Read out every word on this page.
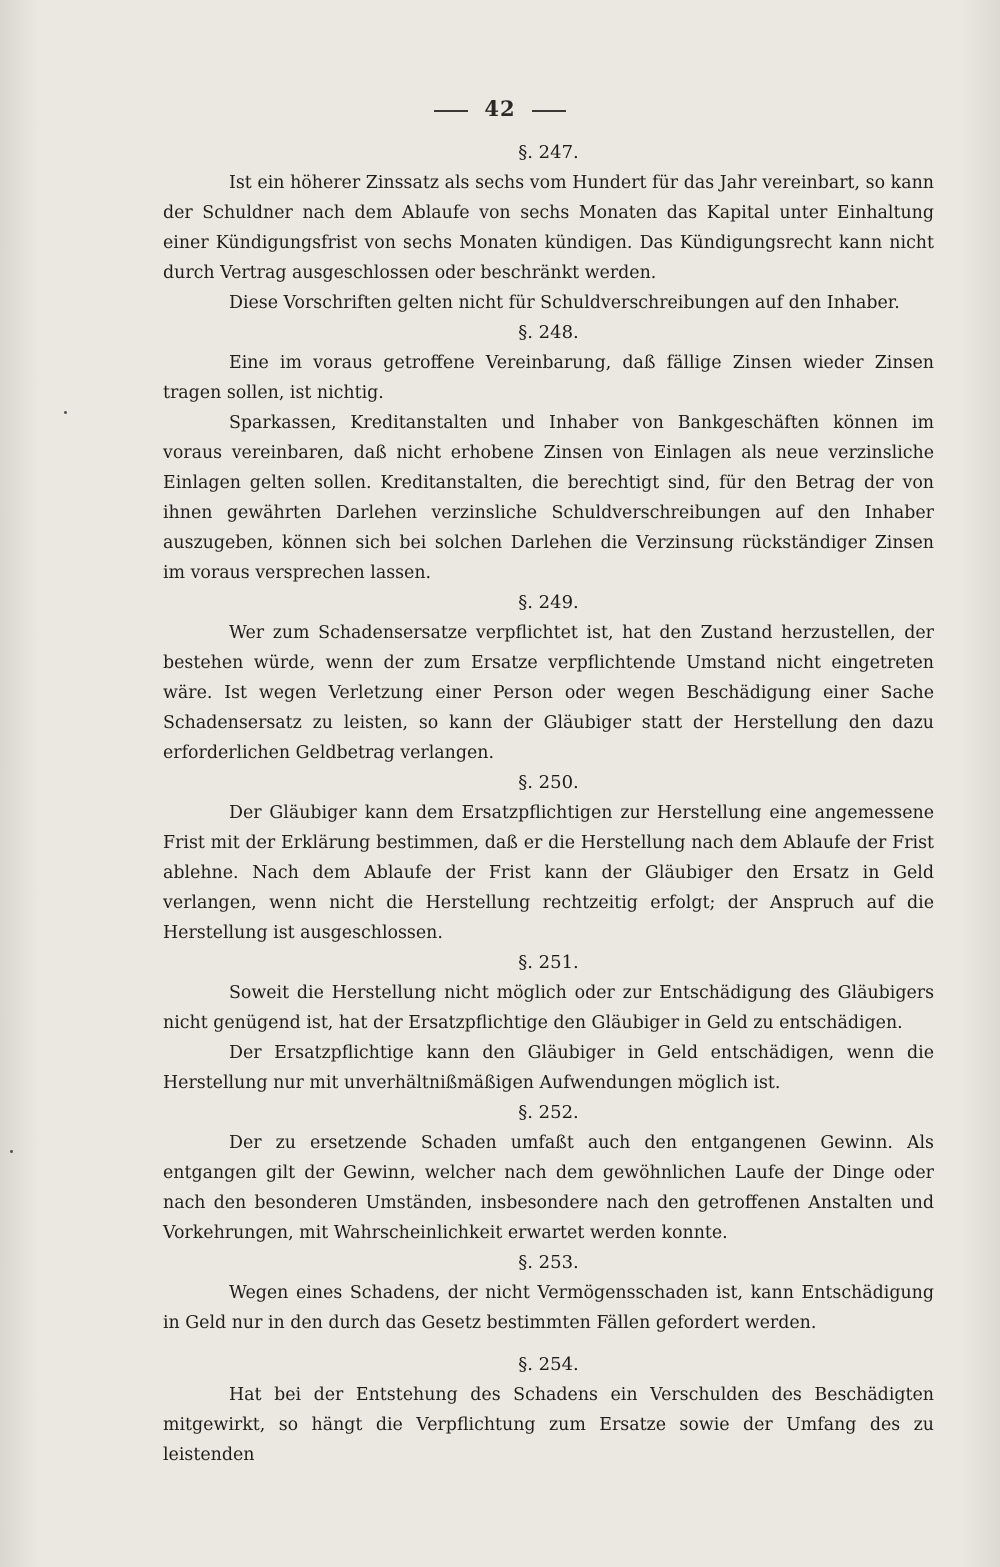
42
§. 247.

Ist ein höherer Zinssatz als sechs vom Hundert für das Jahr vereinbart, so kann der Schuldner nach dem Ablaufe von sechs Monaten das Kapital unter Einhaltung einer Kündigungsfrist von sechs Monaten kündigen. Das Kündigungsrecht kann nicht durch Vertrag ausgeschlossen oder beschränkt werden.

Diese Vorschriften gelten nicht für Schuldverschreibungen auf den Inhaber.

§. 248.

Eine im voraus getroffene Vereinbarung, daß fällige Zinsen wieder Zinsen tragen sollen, ist nichtig.

Sparkassen, Kreditanstalten und Inhaber von Bankgeschäften können im voraus vereinbaren, daß nicht erhobene Zinsen von Einlagen als neue verzinsliche Einlagen gelten sollen. Kreditanstalten, die berechtigt sind, für den Betrag der von ihnen gewährten Darlehen verzinsliche Schuldverschreibungen auf den Inhaber auszugeben, können sich bei solchen Darlehen die Verzinsung rückständiger Zinsen im voraus versprechen lassen.

§. 249.

Wer zum Schadensersatze verpflichtet ist, hat den Zustand herzustellen, der bestehen würde, wenn der zum Ersatze verpflichtende Umstand nicht eingetreten wäre. Ist wegen Verletzung einer Person oder wegen Beschädigung einer Sache Schadensersatz zu leisten, so kann der Gläubiger statt der Herstellung den dazu erforderlichen Geldbetrag verlangen.

§. 250.

Der Gläubiger kann dem Ersatzpflichtigen zur Herstellung eine angemessene Frist mit der Erklärung bestimmen, daß er die Herstellung nach dem Ablaufe der Frist ablehne. Nach dem Ablaufe der Frist kann der Gläubiger den Ersatz in Geld verlangen, wenn nicht die Herstellung rechtzeitig erfolgt; der Anspruch auf die Herstellung ist ausgeschlossen.

§. 251.

Soweit die Herstellung nicht möglich oder zur Entschädigung des Gläubigers nicht genügend ist, hat der Ersatzpflichtige den Gläubiger in Geld zu entschädigen.

Der Ersatzpflichtige kann den Gläubiger in Geld entschädigen, wenn die Herstellung nur mit unverhältnißmäßigen Aufwendungen möglich ist.

§. 252.

Der zu ersetzende Schaden umfaßt auch den entgangenen Gewinn. Als entgangen gilt der Gewinn, welcher nach dem gewöhnlichen Laufe der Dinge oder nach den besonderen Umständen, insbesondere nach den getroffenen Anstalten und Vorkehrungen, mit Wahrscheinlichkeit erwartet werden konnte.

§. 253.

Wegen eines Schadens, der nicht Vermögensschaden ist, kann Entschädigung in Geld nur in den durch das Gesetz bestimmten Fällen gefordert werden.

§. 254.

Hat bei der Entstehung des Schadens ein Verschulden des Beschädigten mitgewirkt, so hängt die Verpflichtung zum Ersatze sowie der Umfang des zu leistenden
